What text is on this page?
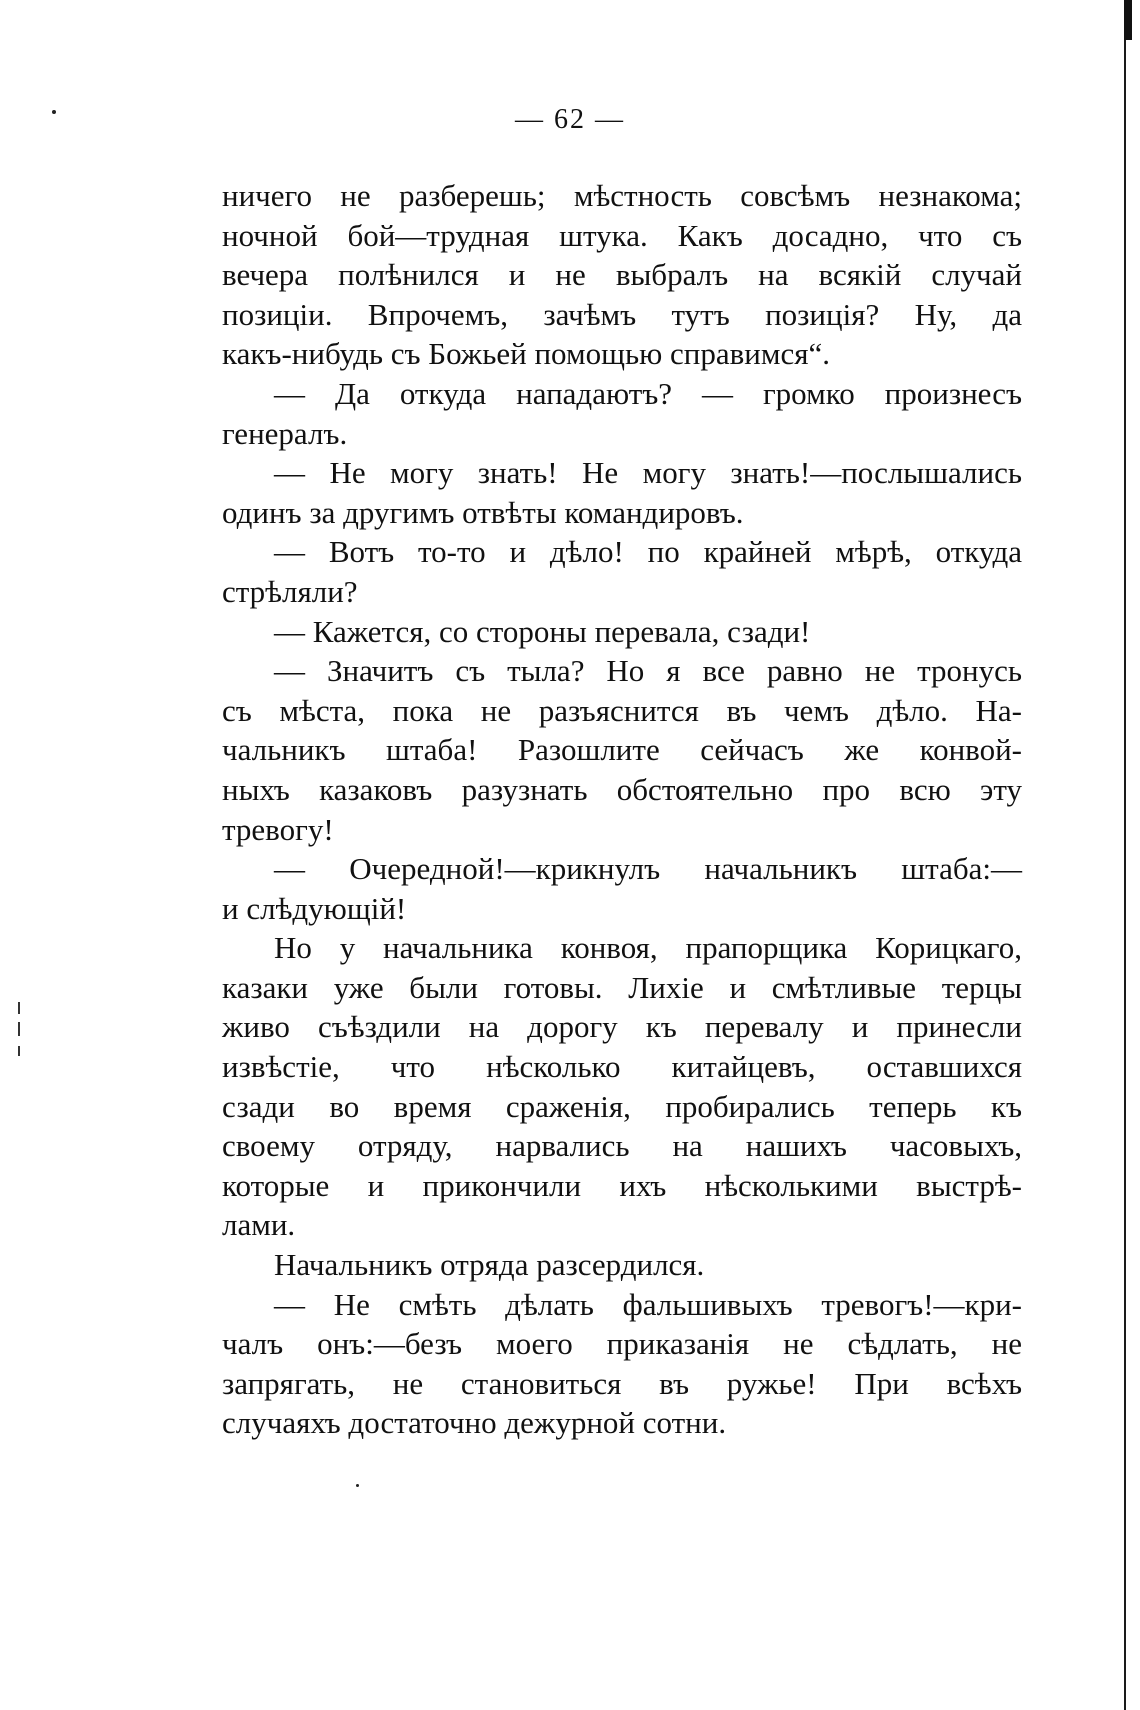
— 62 —
ничего не разберешь; мѣстность совсѣмъ незнакома;
ночной бой—трудная штука. Какъ досадно, что съ
вечера полѣнился и не выбралъ на всякій случай
позиціи. Впрочемъ, зачѣмъ тутъ позиція? Ну, да
какъ-нибудь съ Божьей помощью справимся“.
— Да откуда нападаютъ? — громко произнесъ
генералъ.
— Не могу знать! Не могу знать!—послышались
одинъ за другимъ отвѣты командировъ.
— Вотъ то-то и дѣло! по крайней мѣрѣ, откуда
стрѣляли?
— Кажется, со стороны перевала, сзади!
— Значитъ съ тыла? Но я все равно не тронусь
съ мѣста, пока не разъяснится въ чемъ дѣло. На-
чальникъ штаба! Разошлите сейчасъ же конвой-
ныхъ казаковъ разузнать обстоятельно про всю эту
тревогу!
— Очередной!—крикнулъ начальникъ штаба:—
и слѣдующій!
Но у начальника конвоя, прапорщика Корицкаго,
казаки уже были готовы. Лихіе и смѣтливые терцы
живо съѣздили на дорогу къ перевалу и принесли
извѣстіе, что нѣсколько китайцевъ, оставшихся
сзади во время сраженія, пробирались теперь къ
своему отряду, нарвались на нашихъ часовыхъ,
которые и прикончили ихъ нѣсколькими выстрѣ-
лами.
Начальникъ отряда разсердился.
— Не смѣть дѣлать фальшивыхъ тревогъ!—кри-
чалъ онъ:—безъ моего приказанія не сѣдлать, не
запрягать, не становиться въ ружье! При всѣхъ
случаяхъ достаточно дежурной сотни.
